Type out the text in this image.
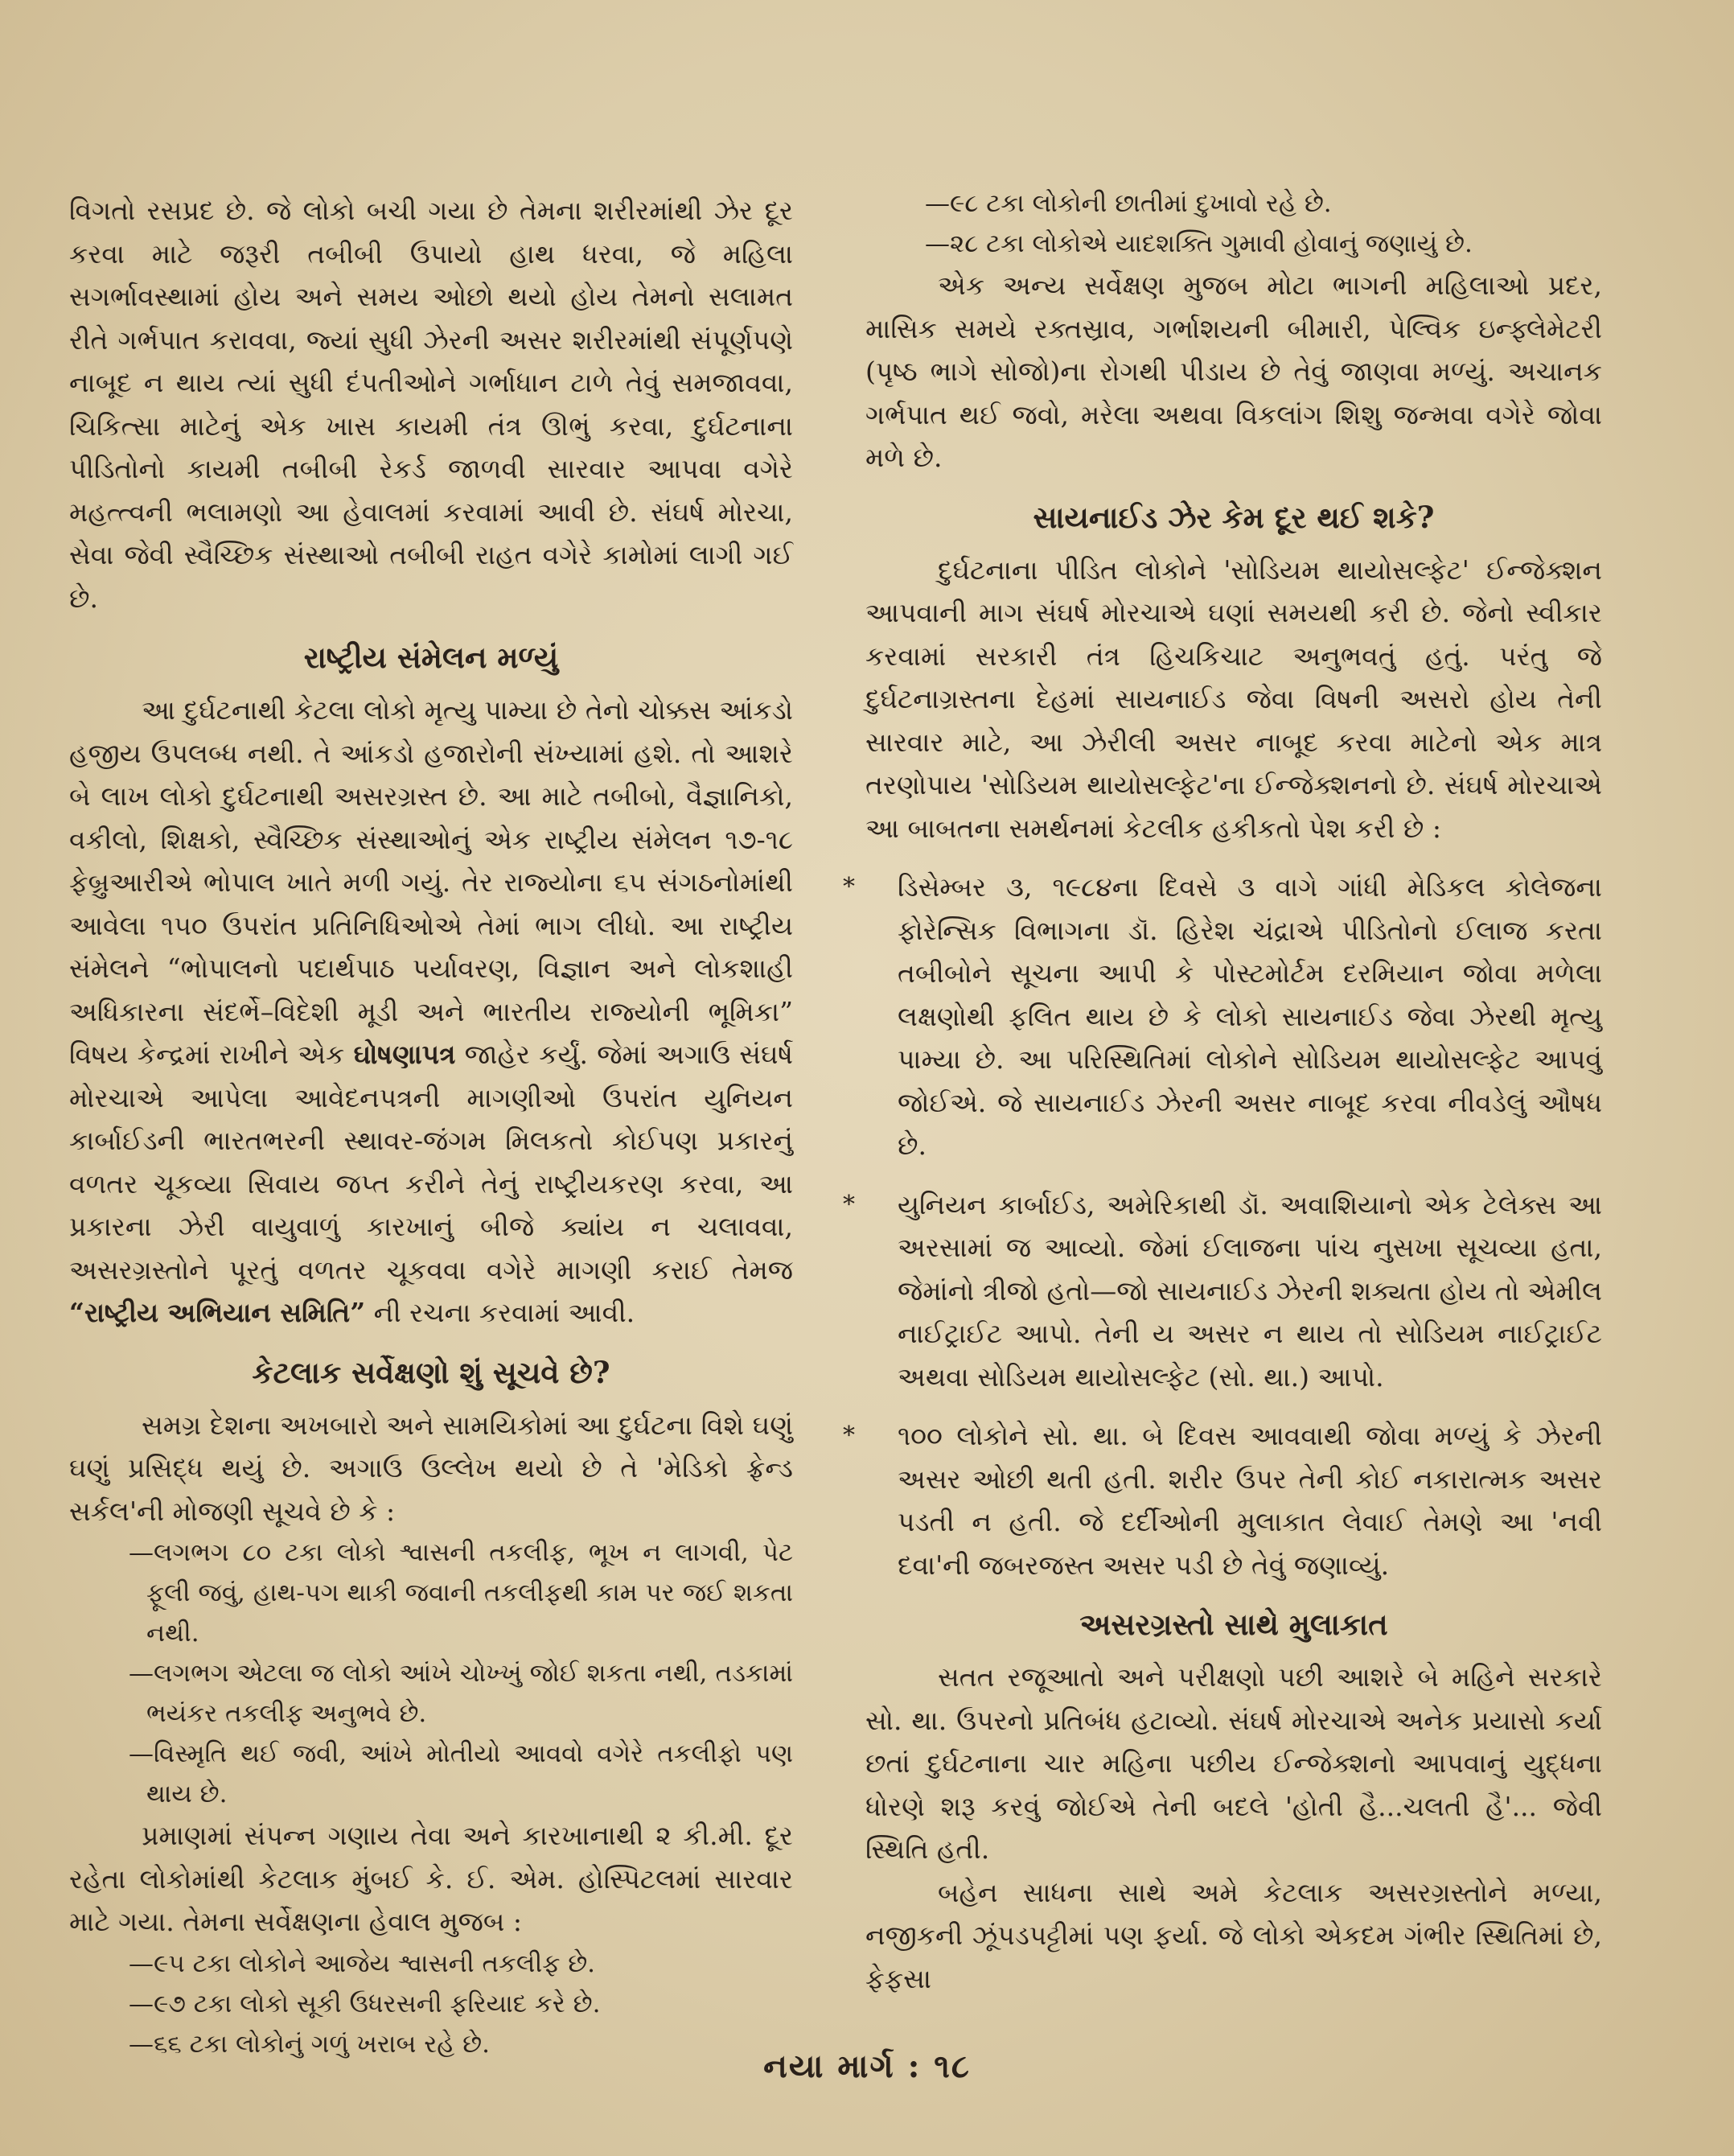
વિગતો રસપ્રદ છે. જે લોકો બચી ગયા છે તેમના શરીરમાંથી ઝેર દૂર કરવા માટે જરૂરી તબીબી ઉપાયો હાથ ધરવા, જે મહિલા સગર્ભાવસ્થામાં હોય અને સમય ઓછો થયો હોય તેમનો સલામત રીતે ગર્ભપાત કરાવવા, જ્યાં સુધી ઝેરની અસર શરીરમાંથી સંપૂર્ણપણે નાબૂદ ન થાય ત્યાં સુધી દંપતીઓને ગર્ભાધાન ટાળે તેવું સમજાવવા, ચિકિત્સા માટેનું એક ખાસ કાયમી તંત્ર ઊભું કરવા, દુર્ઘટનાના પીડિતોનો કાયમી તબીબી રેકર્ડ જાળવી સારવાર આપવા વગેરે મહત્ત્વની ભલામણો આ હેવાલમાં કરવામાં આવી છે. સંઘર્ષ મોરચા, સેવા જેવી સ્વૈચ્છિક સંસ્થાઓ તબીબી રાહત વગેરે કામોમાં લાગી ગઈ છે.

રાષ્ટ્રીય સંમેલન મળ્યું

આ દુર્ઘટનાથી કેટલા લોકો મૃત્યુ પામ્યા છે તેનો ચોક્કસ આંકડો હજીય ઉપલબ્ધ નથી. તે આંકડો હજારોની સંખ્યામાં હશે. તો આશરે બે લાખ લોકો દુર્ઘટનાથી અસરગ્રસ્ત છે. આ માટે તબીબો, વૈજ્ઞાનિકો, વકીલો, શિક્ષકો, સ્વૈચ્છિક સંસ્થાઓનું એક રાષ્ટ્રીય સંમેલન ૧૭-૧૮ ફેબ્રુઆરીએ ભોપાલ ખાતે મળી ગયું. તેર રાજ્યોના ૬૫ સંગઠનોમાંથી આવેલા ૧૫૦ ઉપરાંત પ્રતિનિધિઓએ તેમાં ભાગ લીધો. આ રાષ્ટ્રીય સંમેલને “ભોપાલનો પદાર્થપાઠ પર્યાવરણ, વિજ્ઞાન અને લોકશાહી અધિકારના સંદર્ભે–વિદેશી મૂડી અને ભારતીય રાજ્યોની ભૂમિકા” વિષય કેન્દ્રમાં રાખીને એક ઘોષણાપત્ર જાહેર કર્યું. જેમાં અગાઉ સંઘર્ષ મોરચાએ આપેલા આવેદનપત્રની માગણીઓ ઉપરાંત યુનિયન કાર્બાઈડની ભારતભરની સ્થાવર-જંગમ મિલકતો કોઈપણ પ્રકારનું વળતર ચૂકવ્યા સિવાય જપ્ત કરીને તેનું રાષ્ટ્રીયકરણ કરવા, આ પ્રકારના ઝેરી વાયુવાળું કારખાનું બીજે ક્યાંય ન ચલાવવા, અસરગ્રસ્તોને પૂરતું વળતર ચૂકવવા વગેરે માગણી કરાઈ તેમજ “રાષ્ટ્રીય અભિયાન સમિતિ” ની રચના કરવામાં આવી.

કેટલાક સર્વેક્ષણો શું સૂચવે છે?

સમગ્ર દેશના અખબારો અને સામયિકોમાં આ દુર્ઘટના વિશે ઘણું ઘણું પ્રસિદ્ધ થયું છે. અગાઉ ઉલ્લેખ થયો છે તે 'મેડિકો ફ્રેન્ડ સર્કલ'ની મોજણી સૂચવે છે કે :

—લગભગ ૮૦ ટકા લોકો શ્વાસની તકલીફ, ભૂખ ન લાગવી, પેટ ફૂલી જવું, હાથ-પગ થાકી જવાની તકલીફથી કામ પર જઈ શકતા નથી.

—લગભગ એટલા જ લોકો આંખે ચોખ્ખું જોઈ શકતા નથી, તડકામાં ભયંકર તકલીફ અનુભવે છે.

—વિસ્મૃતિ થઈ જવી, આંખે મોતીયો આવવો વગેરે તકલીફો પણ થાય છે.

પ્રમાણમાં સંપન્ન ગણાય તેવા અને કારખાનાથી ૨ કી.મી. દૂર રહેતા લોકોમાંથી કેટલાક મુંબઈ કે. ઈ. એમ. હોસ્પિટલમાં સારવાર માટે ગયા. તેમના સર્વેક્ષણના હેવાલ મુજબ :

—૯૫ ટકા લોકોને આજેય શ્વાસની તકલીફ છે.

—૯૭ ટકા લોકો સૂકી ઉધરસની ફરિયાદ કરે છે.

—૬૬ ટકા લોકોનું ગળું ખરાબ રહે છે.

—૯૮ ટકા લોકોની છાતીમાં દુખાવો રહે છે.

—૨૮ ટકા લોકોએ યાદશક્તિ ગુમાવી હોવાનું જણાયું છે.

એક અન્ય સર્વેક્ષણ મુજબ મોટા ભાગની મહિલાઓ પ્રદર, માસિક સમયે રક્તસ્રાવ, ગર્ભાશયની બીમારી, પેલ્વિક ઇન્ફ્લેમેટરી (પૃષ્ઠ ભાગે સોજો)ના રોગથી પીડાય છે તેવું જાણવા મળ્યું. અચાનક ગર્ભપાત થઈ જવો, મરેલા અથવા વિકલાંગ શિશુ જન્મવા વગેરે જોવા મળે છે.

સાયનાઈડ ઝેર કેમ દૂર થઈ શકે?

દુર્ઘટનાના પીડિત લોકોને 'સોડિયમ થાયોસલ્ફેટ' ઈન્જેક્શન આપવાની માગ સંઘર્ષ મોરચાએ ઘણાં સમયથી કરી છે. જેનો સ્વીકાર કરવામાં સરકારી તંત્ર હિચકિચાટ અનુભવતું હતું. પરંતુ જે દુર્ઘટનાગ્રસ્તના દેહમાં સાયનાઈડ જેવા વિષની અસરો હોય તેની સારવાર માટે, આ ઝેરીલી અસર નાબૂદ કરવા માટેનો એક માત્ર તરણોપાય 'સોડિયમ થાયોસલ્ફેટ'ના ઈન્જેક્શનનો છે. સંઘર્ષ મોરચાએ આ બાબતના સમર્થનમાં કેટલીક હકીકતો પેશ કરી છે :

* ડિસેમ્બર ૩, ૧૯૮૪ના દિવસે ૩ વાગે ગાંધી મેડિકલ કોલેજના ફોરેન્સિક વિભાગના ડૉ. હિરેશ ચંદ્રાએ પીડિતોનો ઈલાજ કરતા તબીબોને સૂચના આપી કે પોસ્ટમોર્ટમ દરમિયાન જોવા મળેલા લક્ષણોથી ફલિત થાય છે કે લોકો સાયનાઈડ જેવા ઝેરથી મૃત્યુ પામ્યા છે. આ પરિસ્થિતિમાં લોકોને સોડિયમ થાયોસલ્ફેટ આપવું જોઈએ. જે સાયનાઈડ ઝેરની અસર નાબૂદ કરવા નીવડેલું ઔષધ છે.

* યુનિયન કાર્બાઈડ, અમેરિકાથી ડૉ. અવાશિયાનો એક ટેલેક્સ આ અરસામાં જ આવ્યો. જેમાં ઈલાજના પાંચ નુસખા સૂચવ્યા હતા, જેમાંનો ત્રીજો હતો—જો સાયનાઈડ ઝેરની શક્યતા હોય તો એમીલ નાઈટ્રાઈટ આપો. તેની ય અસર ન થાય તો સોડિયમ નાઈટ્રાઈટ અથવા સોડિયમ થાયોસલ્ફેટ (સો. થા.) આપો.

* ૧૦૦ લોકોને સો. થા. બે દિવસ આવવાથી જોવા મળ્યું કે ઝેરની અસર ઓછી થતી હતી. શરીર ઉપર તેની કોઈ નકારાત્મક અસર પડતી ન હતી. જે દર્દીઓની મુલાકાત લેવાઈ તેમણે આ 'નવી દવા'ની જબરજસ્ત અસર પડી છે તેવું જણાવ્યું.

અસરગ્રસ્તો સાથે મુલાકાત

સતત રજૂઆતો અને પરીક્ષણો પછી આશરે બે મહિને સરકારે સો. થા. ઉપરનો પ્રતિબંધ હટાવ્યો. સંઘર્ષ મોરચાએ અનેક પ્રયાસો કર્યા છતાં દુર્ઘટનાના ચાર મહિના પછીય ઈન્જેક્શનો આપવાનું યુદ્ધના ધોરણે શરૂ કરવું જોઈએ તેની બદલે 'હોતી હૈ...ચલતી હૈ'... જેવી સ્થિતિ હતી.

બહેન સાધના સાથે અમે કેટલાક અસરગ્રસ્તોને મળ્યા, નજીકની ઝૂંપડપટ્ટીમાં પણ ફર્યા. જે લોકો એકદમ ગંભીર સ્થિતિમાં છે, ફેફસા

નયા માર્ગ : ૧૮
